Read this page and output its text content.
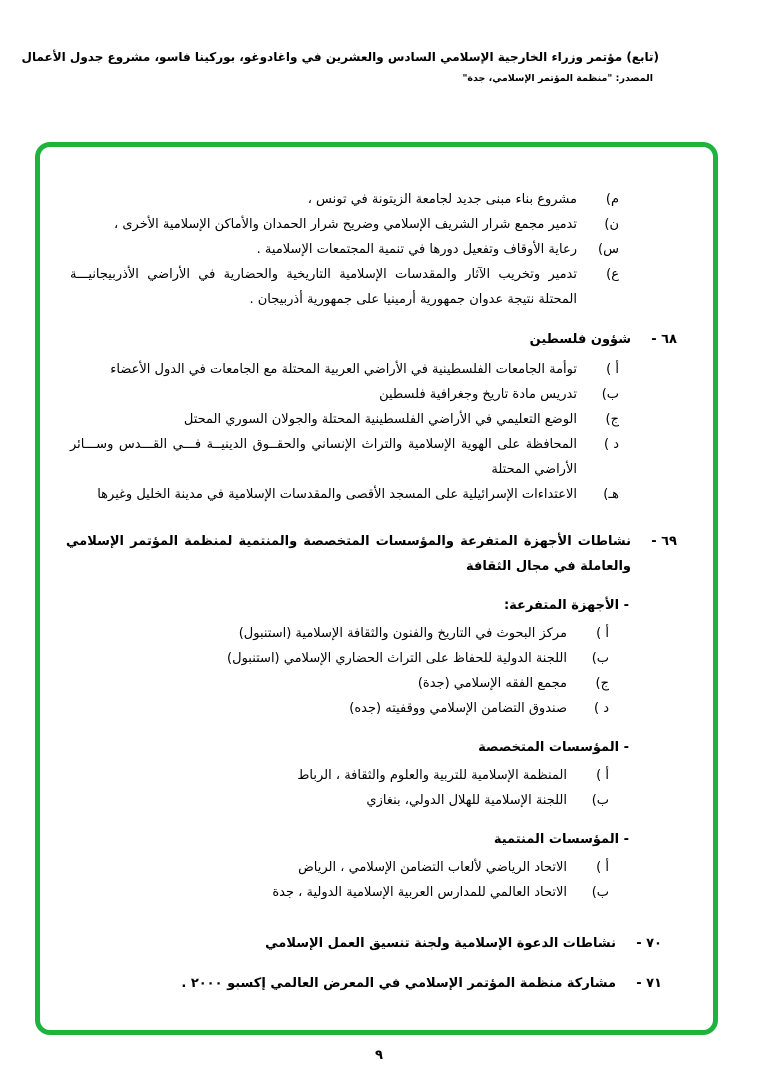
(تابع) مؤتمر وزراء الخارجية الإسلامي السادس والعشرين في واغادوغو، بوركينا فاسو، مشروع جدول الأعمال
المصدر: "منظمة المؤتمر الإسلامي، جدة"
م)
مشروع بناء مبنى جديد لجامعة الزيتونة في تونس ،
ن)
تدمير مجمع شرار الشريف الإسلامي وضريح شرار الحمدان والأماكن الإسلامية الأخرى ،
س)
رعاية الأوقاف وتفعيل دورها في تنمية المجتمعات الإسلامية .
ع)
تدمير وتخريب الآثار والمقدسات الإسلامية التاريخية والحضارية في الأراضي الأذربيجانيـــة المحتلة نتيجة عدوان جمهورية أرمينيا على جمهورية أذربيجان .
٦٨ -
شؤون فلسطين
أ )
توأمة الجامعات الفلسطينية في الأراضي العربية المحتلة مع الجامعات في الدول الأعضاء
ب)
تدريس مادة تاريخ وجغرافية فلسطين
ج)
الوضع التعليمي في الأراضي الفلسطينية المحتلة والجولان السوري المحتل
د )
المحافظة على الهوية الإسلامية والتراث الإنساني والحقــوق الدينيــة فـــي القـــدس وســـائر الأراضي المحتلة
هـ)
الاعتداءات الإسرائيلية على المسجد الأقصى والمقدسات الإسلامية في مدينة الخليل وغيرها
٦٩ -
نشاطات الأجهزة المتفرعة والمؤسسات المتخصصة والمنتمية لمنظمة المؤتمر الإسلامي والعاملة في مجال الثقافة
- الأجهزة المتفرعة:
أ )
مركز البحوث في التاريخ والفنون والثقافة الإسلامية (استنبول)
ب)
اللجنة الدولية للحفاظ على التراث الحضاري الإسلامي (استنبول)
ج)
مجمع الفقه الإسلامي (جدة)
د )
صندوق التضامن الإسلامي ووقفيته (جده)
- المؤسسات المتخصصة
أ )
المنظمة الإسلامية للتربية والعلوم والثقافة ، الرباط
ب)
اللجنة الإسلامية للهلال الدولي، بنغازي
- المؤسسات المنتمية
أ )
الاتحاد الرياضي لألعاب التضامن الإسلامي ، الرياض
ب)
الاتحاد العالمي للمدارس العربية الإسلامية الدولية ، جدة
٧٠ -
نشاطات الدعوة الإسلامية ولجنة تنسيق العمل الإسلامي
٧١ -
مشاركة منظمة المؤتمر الإسلامي في المعرض العالمي إكسبو ٢٠٠٠ .
٩
